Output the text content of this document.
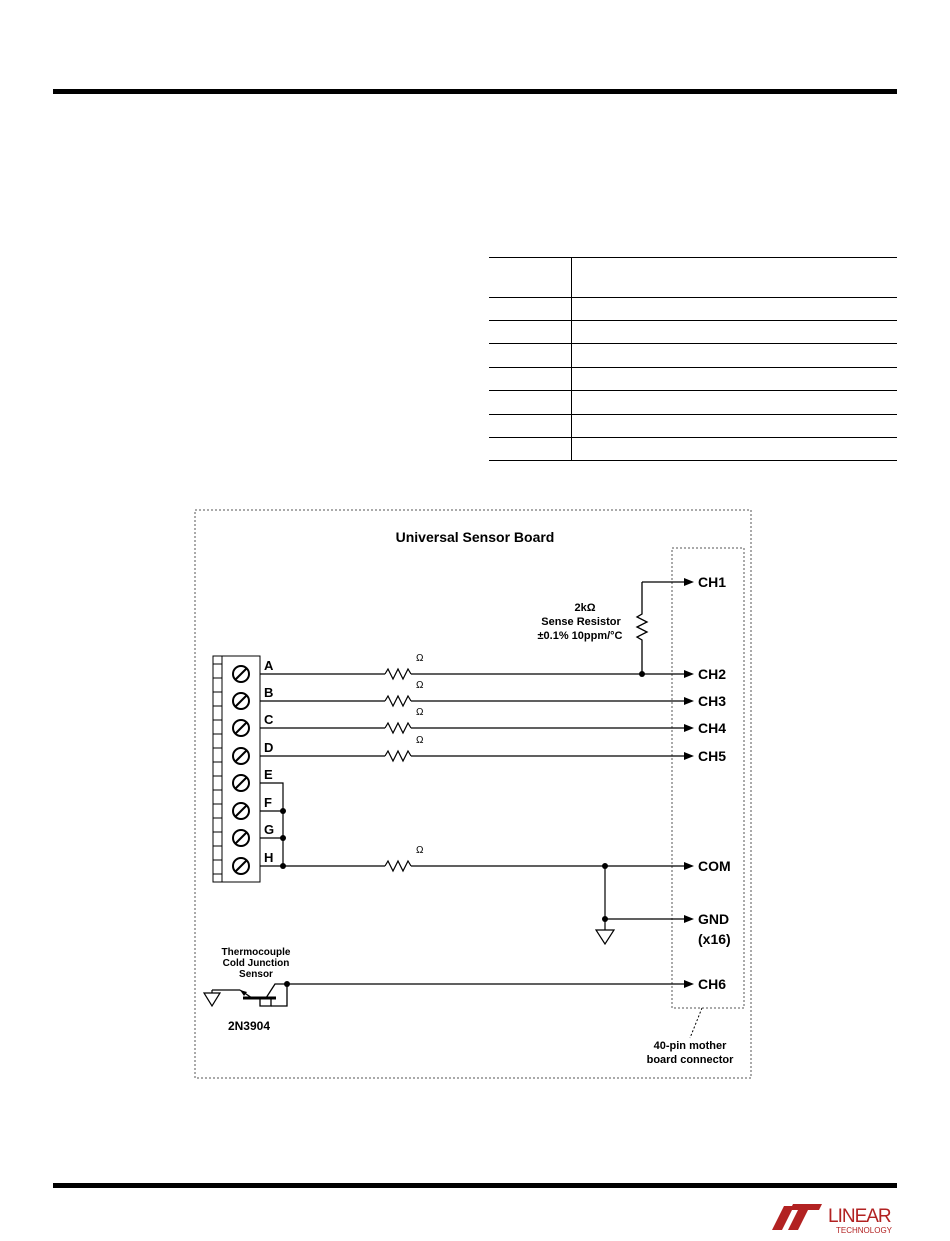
Universal Sensor Board
2kΩ
Sense Resistor
±0.1% 10ppm/°C
A
B
C
D
E
F
G
H
Ω
Ω
Ω
Ω
Ω
CH1
CH2
CH3
CH4
CH5
COM
GND
(x16)
CH6
Thermocouple
Cold Junction
Sensor
2N3904
40-pin mother
board connector
LINEAR
TECHNOLOGY
